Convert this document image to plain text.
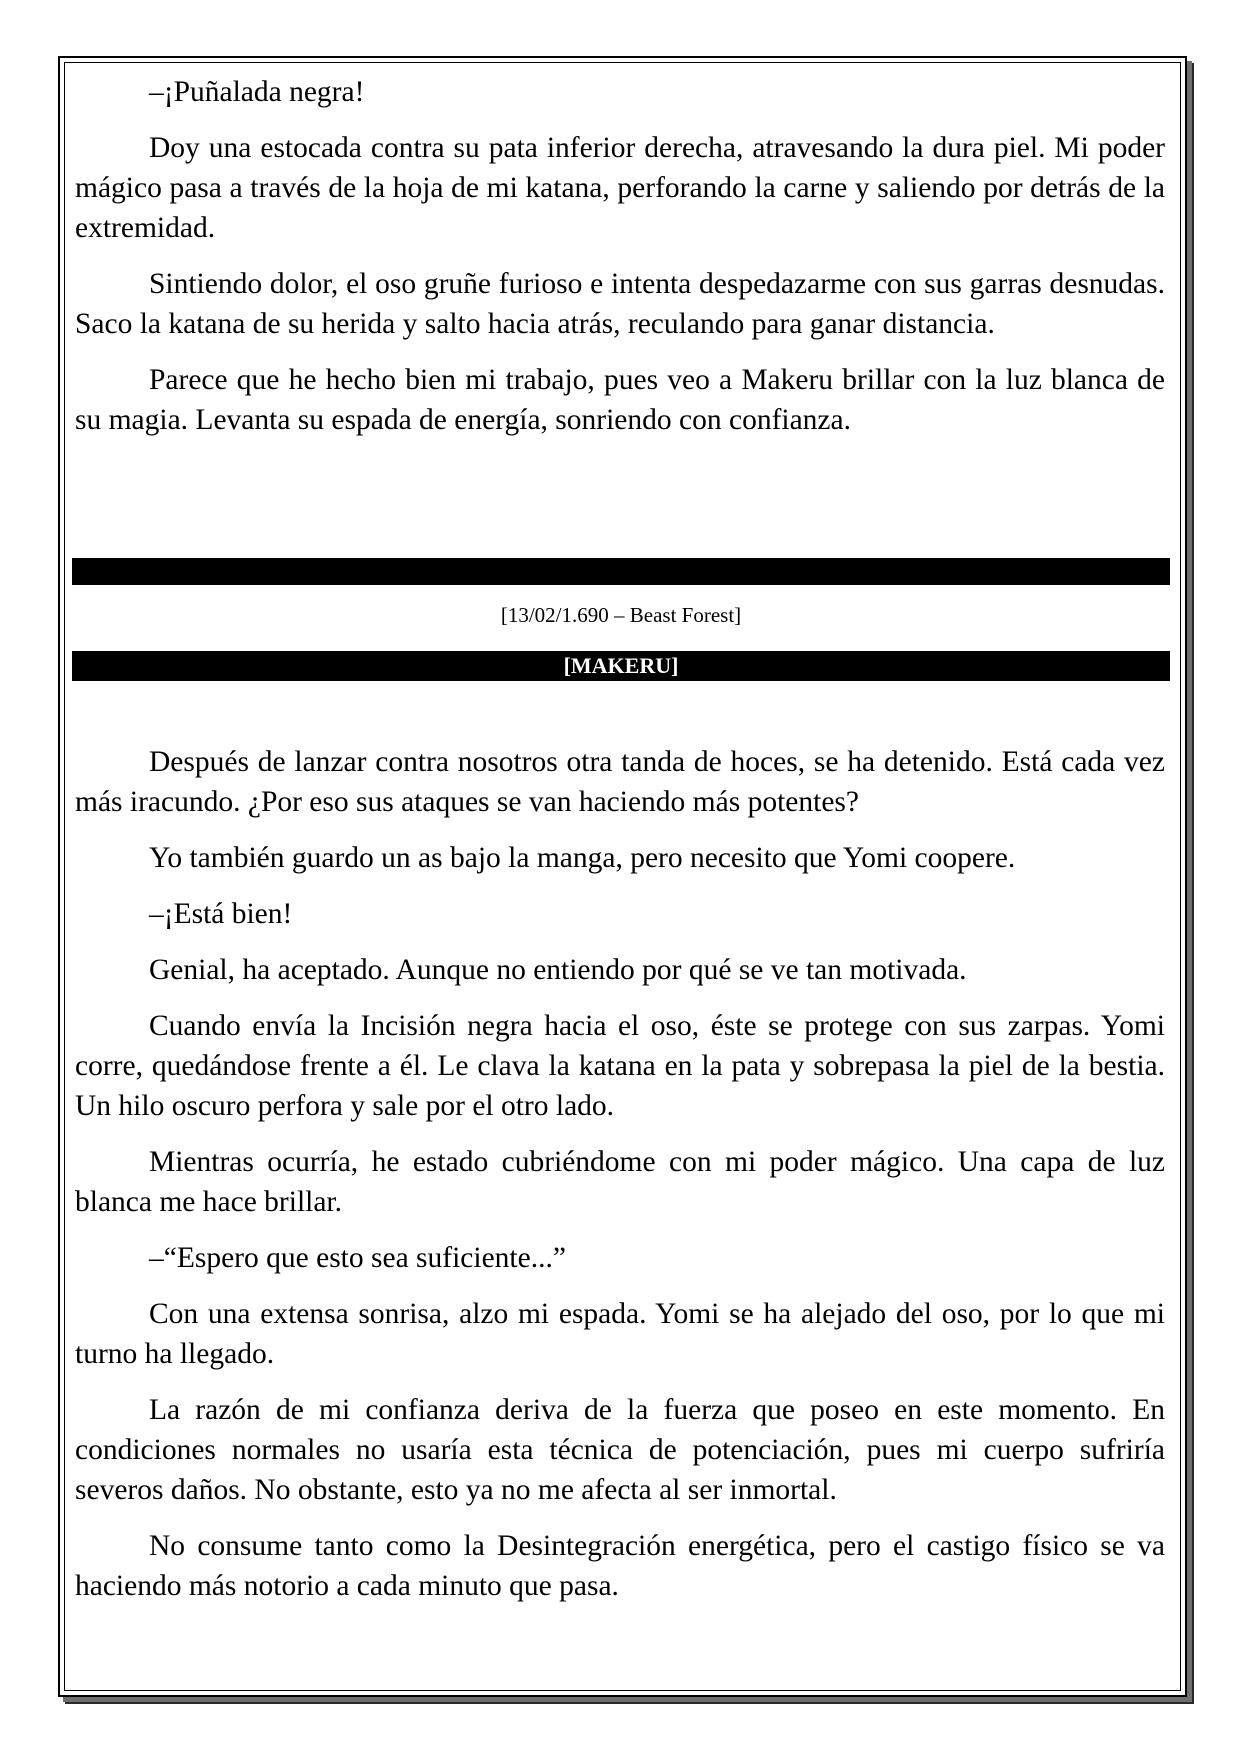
–¡Puñalada negra!

Doy una estocada contra su pata inferior derecha, atravesando la dura piel. Mi poder mágico pasa a través de la hoja de mi katana, perforando la carne y saliendo por detrás de la extremidad.

Sintiendo dolor, el oso gruñe furioso e intenta despedazarme con sus garras desnudas. Saco la katana de su herida y salto hacia atrás, reculando para ganar distancia.

Parece que he hecho bien mi trabajo, pues veo a Makeru brillar con la luz blanca de su magia. Levanta su espada de energía, sonriendo con confianza.

[13/02/1.690 – Beast Forest]
[MAKERU]

Después de lanzar contra nosotros otra tanda de hoces, se ha detenido. Está cada vez más iracundo. ¿Por eso sus ataques se van haciendo más potentes?

Yo también guardo un as bajo la manga, pero necesito que Yomi coopere.

–¡Está bien!

Genial, ha aceptado. Aunque no entiendo por qué se ve tan motivada.

Cuando envía la Incisión negra hacia el oso, éste se protege con sus zarpas. Yomi corre, quedándose frente a él. Le clava la katana en la pata y sobrepasa la piel de la bestia. Un hilo oscuro perfora y sale por el otro lado.

Mientras ocurría, he estado cubriéndome con mi poder mágico. Una capa de luz blanca me hace brillar.

–“Espero que esto sea suficiente...”

Con una extensa sonrisa, alzo mi espada. Yomi se ha alejado del oso, por lo que mi turno ha llegado.

La razón de mi confianza deriva de la fuerza que poseo en este momento. En condiciones normales no usaría esta técnica de potenciación, pues mi cuerpo sufriría severos daños. No obstante, esto ya no me afecta al ser inmortal.

No consume tanto como la Desintegración energética, pero el castigo físico se va haciendo más notorio a cada minuto que pasa.
